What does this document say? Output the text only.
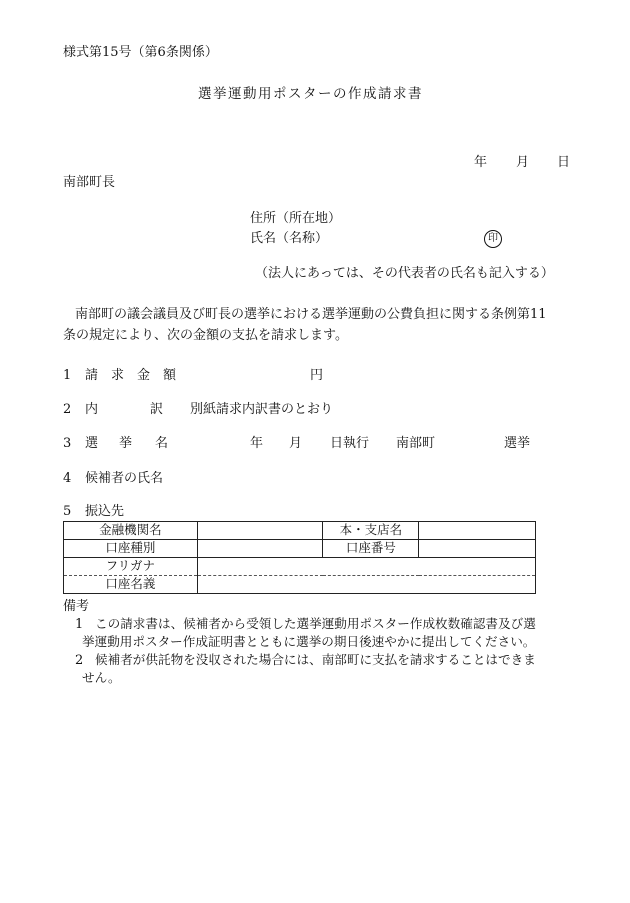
様式第15号（第6条関係）
選挙運動用ポスターの作成請求書
年 月 日
南部町長
住所（所在地）
氏名（名称）	印
（法人にあっては、その代表者の氏名も記入する）
南部町の議会議員及び町長の選挙における選挙運動の公費負担に関する条例第11
条の規定により、次の金額の支払を請求します。
1 請　求　金　額	円
2 内	訳 別紙請求内訳書のとおり
3 選 挙 名	年 月 日執行 南部町	選挙
4 候補者の氏名
5 振込先
金融機関名		本・支店名	
口座種別		口座番号	
フリガナ			
口座名義			
備考
1 この請求書は、候補者から受領した選挙運動用ポスター作成枚数確認書及び選
挙運動用ポスター作成証明書とともに選挙の期日後速やかに提出してください。
2 候補者が供託物を没収された場合には、南部町に支払を請求することはできま
せん。
